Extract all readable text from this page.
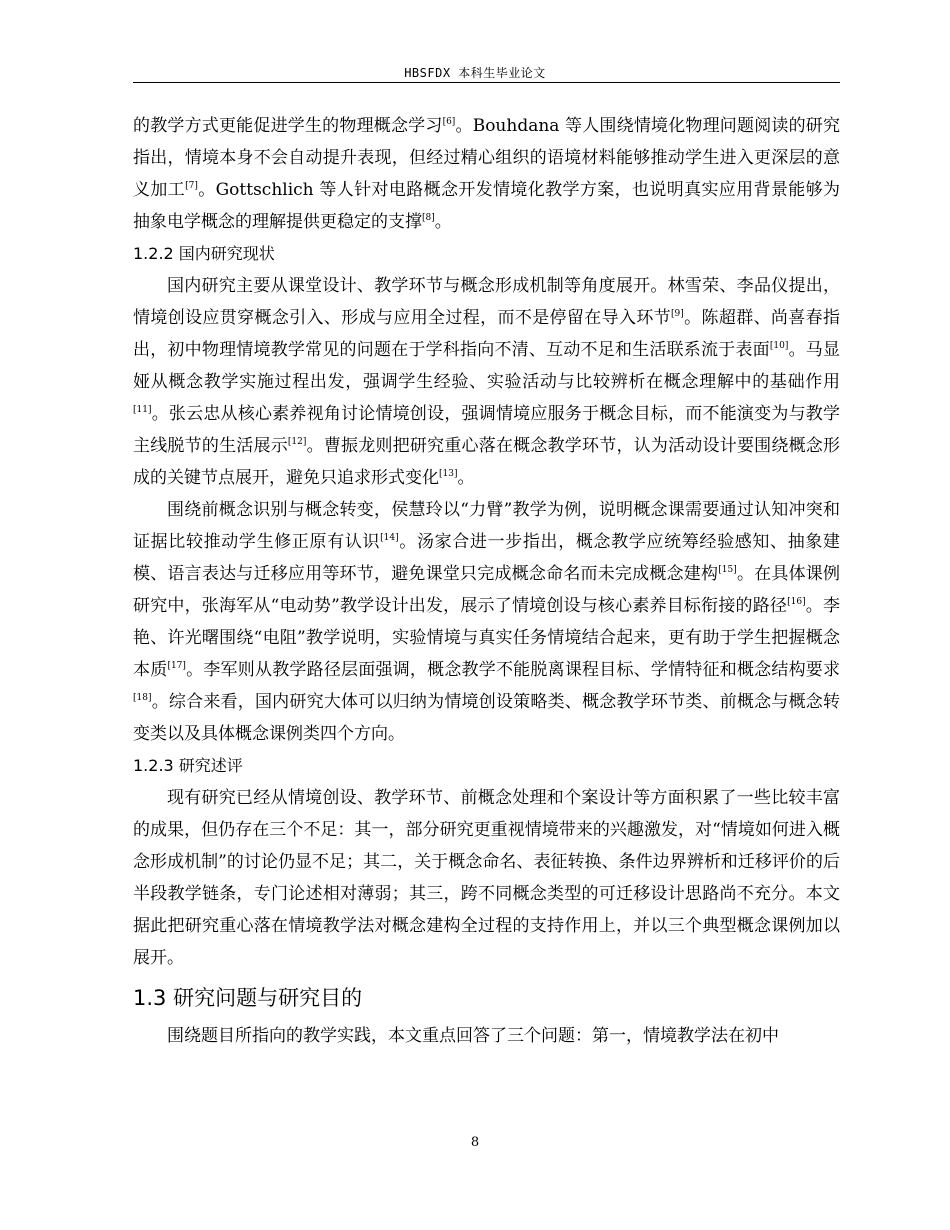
HBSFDX 本科生毕业论文

的教学方式更能促进学生的物理概念学习[6]。Bouhdana 等人围绕情境化物理问题阅读的研究指出，情境本身不会自动提升表现，但经过精心组织的语境材料能够推动学生进入更深层的意义加工[7]。Gottschlich 等人针对电路概念开发情境化教学方案，也说明真实应用背景能够为抽象电学概念的理解提供更稳定的支撑[8]。

1.2.2 国内研究现状

国内研究主要从课堂设计、教学环节与概念形成机制等角度展开。林雪荣、李品仪提出，情境创设应贯穿概念引入、形成与应用全过程，而不是停留在导入环节[9]。陈超群、尚喜春指出，初中物理情境教学常见的问题在于学科指向不清、互动不足和生活联系流于表面[10]。马显娅从概念教学实施过程出发，强调学生经验、实验活动与比较辨析在概念理解中的基础作用[11]。张云忠从核心素养视角讨论情境创设，强调情境应服务于概念目标，而不能演变为与教学主线脱节的生活展示[12]。曹振龙则把研究重心落在概念教学环节，认为活动设计要围绕概念形成的关键节点展开，避免只追求形式变化[13]。

围绕前概念识别与概念转变，侯慧玲以“力臂”教学为例，说明概念课需要通过认知冲突和证据比较推动学生修正原有认识[14]。汤家合进一步指出，概念教学应统筹经验感知、抽象建模、语言表达与迁移应用等环节，避免课堂只完成概念命名而未完成概念建构[15]。在具体课例研究中，张海军从“电动势”教学设计出发，展示了情境创设与核心素养目标衔接的路径[16]。李艳、许光曙围绕“电阻”教学说明，实验情境与真实任务情境结合起来，更有助于学生把握概念本质[17]。李军则从教学路径层面强调，概念教学不能脱离课程目标、学情特征和概念结构要求[18]。综合来看，国内研究大体可以归纳为情境创设策略类、概念教学环节类、前概念与概念转变类以及具体概念课例类四个方向。

1.2.3 研究述评

现有研究已经从情境创设、教学环节、前概念处理和个案设计等方面积累了一些比较丰富的成果，但仍存在三个不足：其一，部分研究更重视情境带来的兴趣激发，对“情境如何进入概念形成机制”的讨论仍显不足；其二，关于概念命名、表征转换、条件边界辨析和迁移评价的后半段教学链条，专门论述相对薄弱；其三，跨不同概念类型的可迁移设计思路尚不充分。本文据此把研究重心落在情境教学法对概念建构全过程的支持作用上，并以三个典型概念课例加以展开。

1.3 研究问题与研究目的

围绕题目所指向的教学实践，本文重点回答了三个问题：第一，情境教学法在初中

8
